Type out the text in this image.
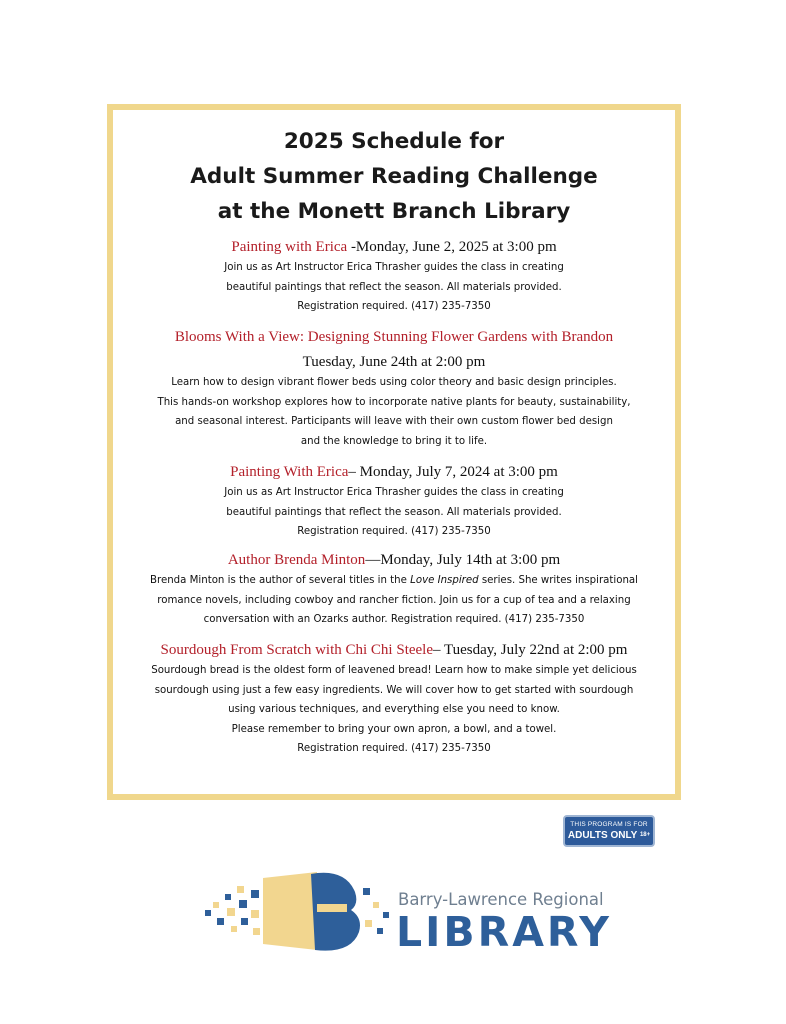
2025 Schedule for
Adult Summer Reading Challenge
at the Monett Branch Library
Painting with Erica -Monday, June 2, 2025 at 3:00 pm
Join us as Art Instructor Erica Thrasher guides the class in creating
beautiful paintings that reflect the season. All materials provided.
Registration required. (417) 235-7350
Blooms With a View: Designing Stunning Flower Gardens with Brandon
Tuesday, June 24th at 2:00 pm
Learn how to design vibrant flower beds using color theory and basic design principles.
This hands-on workshop explores how to incorporate native plants for beauty, sustainability,
and seasonal interest. Participants will leave with their own custom flower bed design
and the knowledge to bring it to life.
Painting With Erica– Monday, July 7, 2024 at 3:00 pm
Join us as Art Instructor Erica Thrasher guides the class in creating
beautiful paintings that reflect the season. All materials provided.
Registration required. (417) 235-7350
Author Brenda Minton—Monday, July 14th at 3:00 pm
Brenda Minton is the author of several titles in the Love Inspired series. She writes inspirational
romance novels, including cowboy and rancher fiction. Join us for a cup of tea and a relaxing
conversation with an Ozarks author. Registration required. (417) 235-7350
Sourdough From Scratch with Chi Chi Steele– Tuesday, July 22nd at 2:00 pm
Sourdough bread is the oldest form of leavened bread! Learn how to make simple yet delicious
sourdough using just a few easy ingredients. We will cover how to get started with sourdough
using various techniques, and everything else you need to know.
Please remember to bring your own apron, a bowl, and a towel.
Registration required. (417) 235-7350
THIS PROGRAM IS FOR
ADULTS ONLY $^{18+}$
Barry-Lawrence Regional
LIBRARY
